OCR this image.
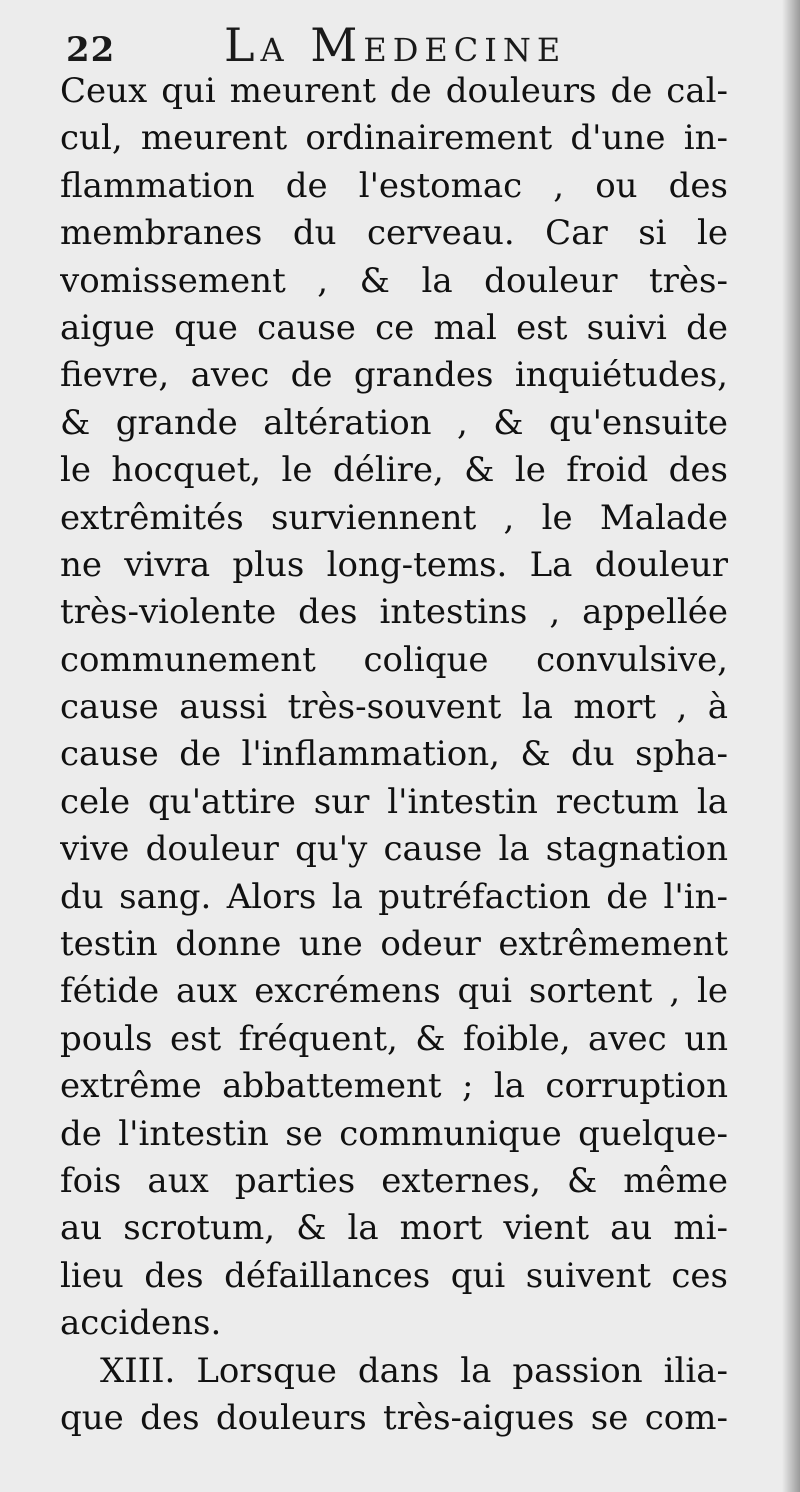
22 La Medecine
Ceux qui meurent de douleurs de cal-
cul, meurent ordinairement d'une in-
flammation de l'estomac , ou des
membranes du cerveau. Car si le
vomissement , & la douleur très-
aigue que cause ce mal est suivi de
fievre, avec de grandes inquiétudes,
& grande altération , & qu'ensuite
le hocquet, le délire, & le froid des
extrêmités surviennent , le Malade
ne vivra plus long-tems. La douleur
très-violente des intestins , appellée
communement colique convulsive,
cause aussi très-souvent la mort , à
cause de l'inflammation, & du spha-
cele qu'attire sur l'intestin rectum la
vive douleur qu'y cause la stagnation
du sang. Alors la putréfaction de l'in-
testin donne une odeur extrêmement
fétide aux excrémens qui sortent , le
pouls est fréquent, & foible, avec un
extrême abbattement ; la corruption
de l'intestin se communique quelque-
fois aux parties externes, & même
au scrotum, & la mort vient au mi-
lieu des défaillances qui suivent ces
accidens.
XIII. Lorsque dans la passion ilia-
que des douleurs très-aigues se com-
